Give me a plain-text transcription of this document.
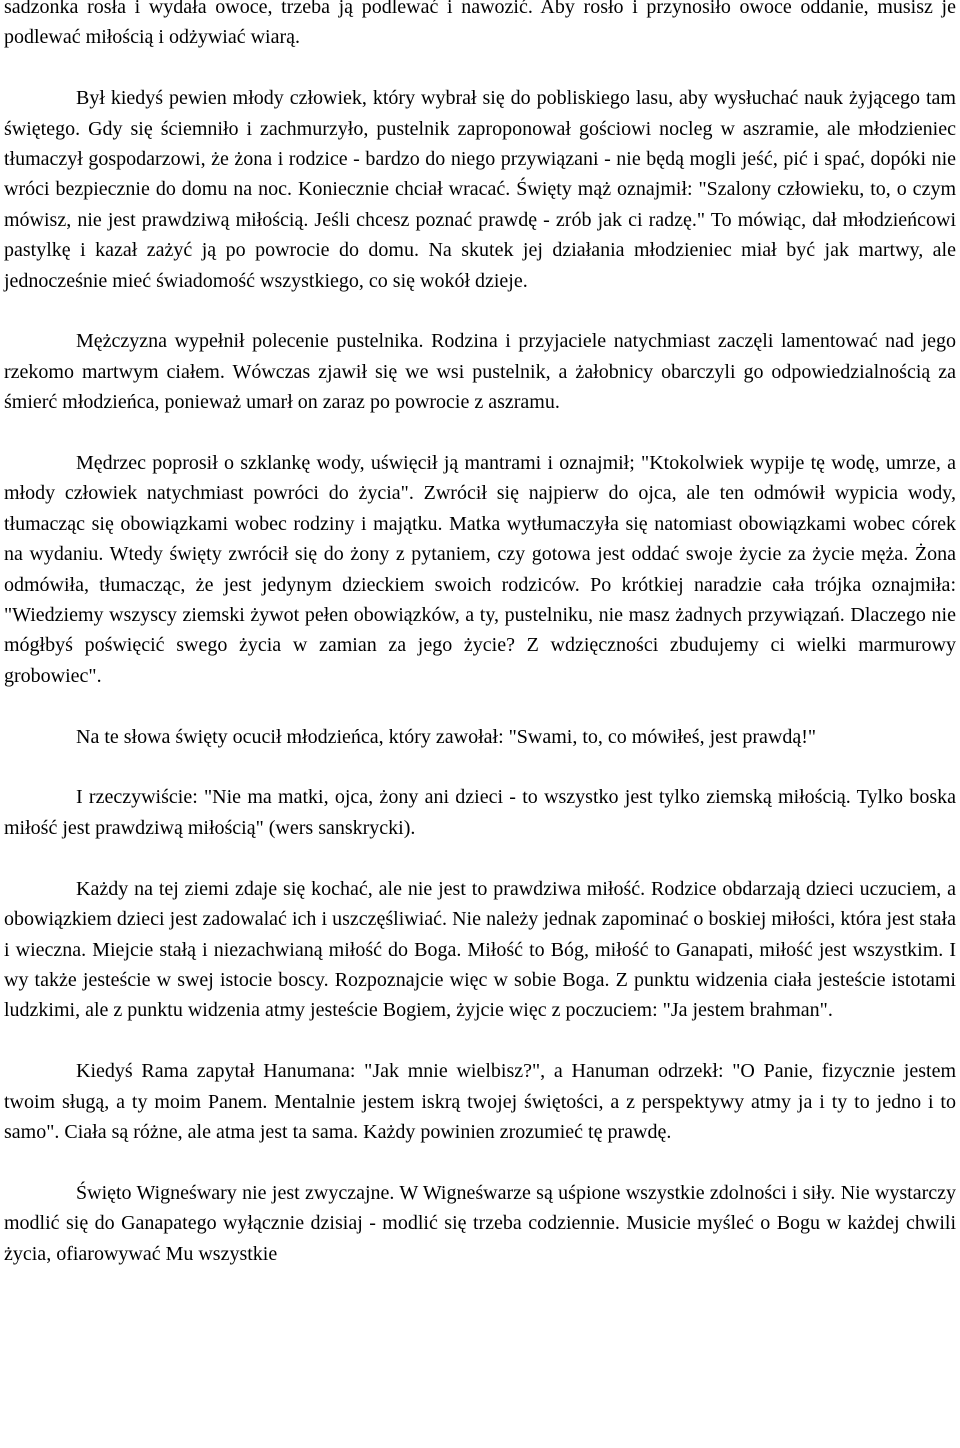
sadzonka rosła i wydała owoce, trzeba ją podlewać i nawozić. Aby rosło i przynosiło owoce oddanie, musisz je podlewać miłością i odżywiać wiarą.

Był kiedyś pewien młody człowiek, który wybrał się do pobliskiego lasu, aby wysłuchać nauk żyjącego tam świętego. Gdy się ściemniło i zachmurzyło, pustelnik zaproponował gościowi nocleg w aszramie, ale młodzieniec tłumaczył gospodarzowi, że żona i rodzice - bardzo do niego przywiązani - nie będą mogli jeść, pić i spać, dopóki nie wróci bezpiecznie do domu na noc. Koniecznie chciał wracać. Święty mąż oznajmił: "Szalony człowieku, to, o czym mówisz, nie jest prawdziwą miłością. Jeśli chcesz poznać prawdę - zrób jak ci radzę." To mówiąc, dał młodzieńcowi pastylkę i kazał zażyć ją po powrocie do domu. Na skutek jej działania młodzieniec miał być jak martwy, ale jednocześnie mieć świadomość wszystkiego, co się wokół dzieje.

Mężczyzna wypełnił polecenie pustelnika. Rodzina i przyjaciele natychmiast zaczęli lamentować nad jego rzekomo martwym ciałem. Wówczas zjawił się we wsi pustelnik, a żałobnicy obarczyli go odpowiedzialnością za śmierć młodzieńca, ponieważ umarł on zaraz po powrocie z aszramu.

Mędrzec poprosił o szklankę wody, uświęcił ją mantrami i oznajmił; "Ktokolwiek wypije tę wodę, umrze, a młody człowiek natychmiast powróci do życia". Zwrócił się najpierw do ojca, ale ten odmówił wypicia wody, tłumacząc się obowiązkami wobec rodziny i majątku. Matka wytłumaczyła się natomiast obowiązkami wobec córek na wydaniu. Wtedy święty zwrócił się do żony z pytaniem, czy gotowa jest oddać swoje życie za życie męża. Żona odmówiła, tłumacząc, że jest jedynym dzieckiem swoich rodziców. Po krótkiej naradzie cała trójka oznajmiła: "Wiedziemy wszyscy ziemski żywot pełen obowiązków, a ty, pustelniku, nie masz żadnych przywiązań. Dlaczego nie mógłbyś poświęcić swego życia w zamian za jego życie? Z wdzięczności zbudujemy ci wielki marmurowy grobowiec".

Na te słowa święty ocucił młodzieńca, który zawołał: "Swami, to, co mówiłeś, jest prawdą!"

I rzeczywiście: "Nie ma matki, ojca, żony ani dzieci - to wszystko jest tylko ziemską miłością. Tylko boska miłość jest prawdziwą miłością" (wers sanskrycki).

Każdy na tej ziemi zdaje się kochać, ale nie jest to prawdziwa miłość. Rodzice obdarzają dzieci uczuciem, a obowiązkiem dzieci jest zadowalać ich i uszczęśliwiać. Nie należy jednak zapominać o boskiej miłości, która jest stała i wieczna. Miejcie stałą i niezachwianą miłość do Boga. Miłość to Bóg, miłość to Ganapati, miłość jest wszystkim. I wy także jesteście w swej istocie boscy. Rozpoznajcie więc w sobie Boga. Z punktu widzenia ciała jesteście istotami ludzkimi, ale z punktu widzenia atmy jesteście Bogiem, żyjcie więc z poczuciem: "Ja jestem brahman".

Kiedyś Rama zapytał Hanumana: "Jak mnie wielbisz?", a Hanuman odrzekł: "O Panie, fizycznie jestem twoim sługą, a ty moim Panem. Mentalnie jestem iskrą twojej świętości, a z perspektywy atmy ja i ty to jedno i to samo". Ciała są różne, ale atma jest ta sama. Każdy powinien zrozumieć tę prawdę.

Święto Wigneśwary nie jest zwyczajne. W Wigneśwarze są uśpione wszystkie zdolności i siły. Nie wystarczy modlić się do Ganapatego wyłącznie dzisiaj - modlić się trzeba codziennie. Musicie myśleć o Bogu w każdej chwili życia, ofiarowywać Mu wszystkie
